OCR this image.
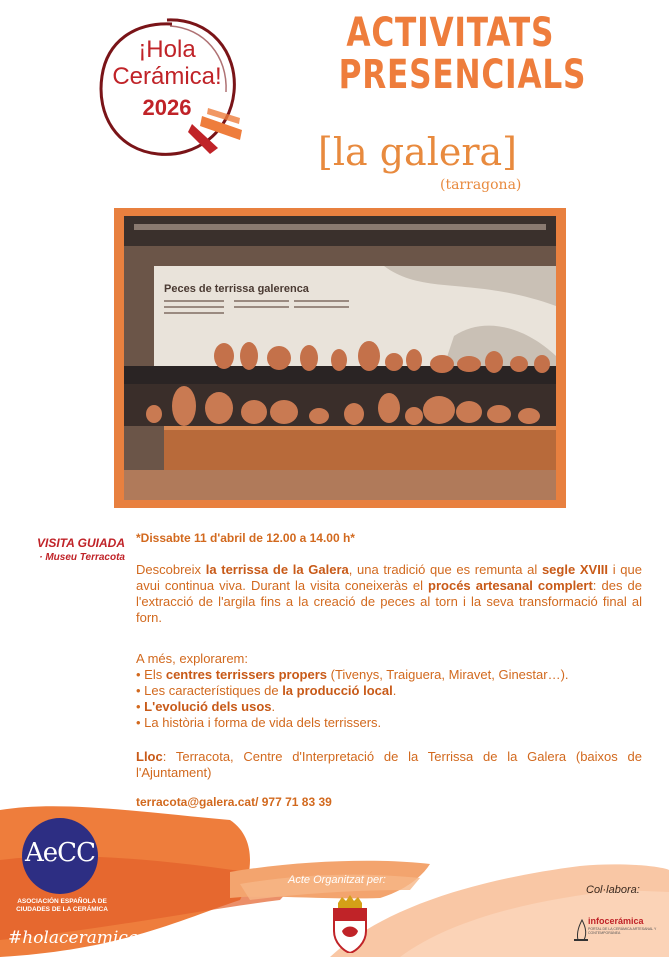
¡Hola
Cerámica!
2026
ACTIVITATS
PRESENCIALS
[la galera]
(tarragona)
Peces de terrissa galerenca
VISITA GUIADA
· Museu Terracota
*Dissabte 11 d'abril de 12.00 a 14.00 h*
Descobreix la terrissa de la Galera, una tradició que es remunta al segle XVIII i que avui continua viva. Durant la visita coneixeràs el procés artesanal complert: des de l'extracció de l'argila fins a la creació de peces al torn i la seva transformació final al forn.
A més, explorarem:
• Els centres terrissers propers (Tivenys, Traiguera, Miravet, Ginestar…).
• Les característiques de la producció local.
• L'evolució dels usos.
• La història i forma de vida dels terrissers.
Lloc: Terracota, Centre d'Interpretació de la Terrissa de la Galera (baixos de l'Ajuntament)
terracota@galera.cat/ 977 71 83 39
AeCC
ASOCIACIÓN ESPAÑOLA DE
CIUDADES DE LA CERÁMICA
#holaceramica
Acte Organitzat per:
Col·labora:
infocerámica
PORTAL DE LA CERÁMICA ARTESANAL Y CONTEMPORÁNEA
